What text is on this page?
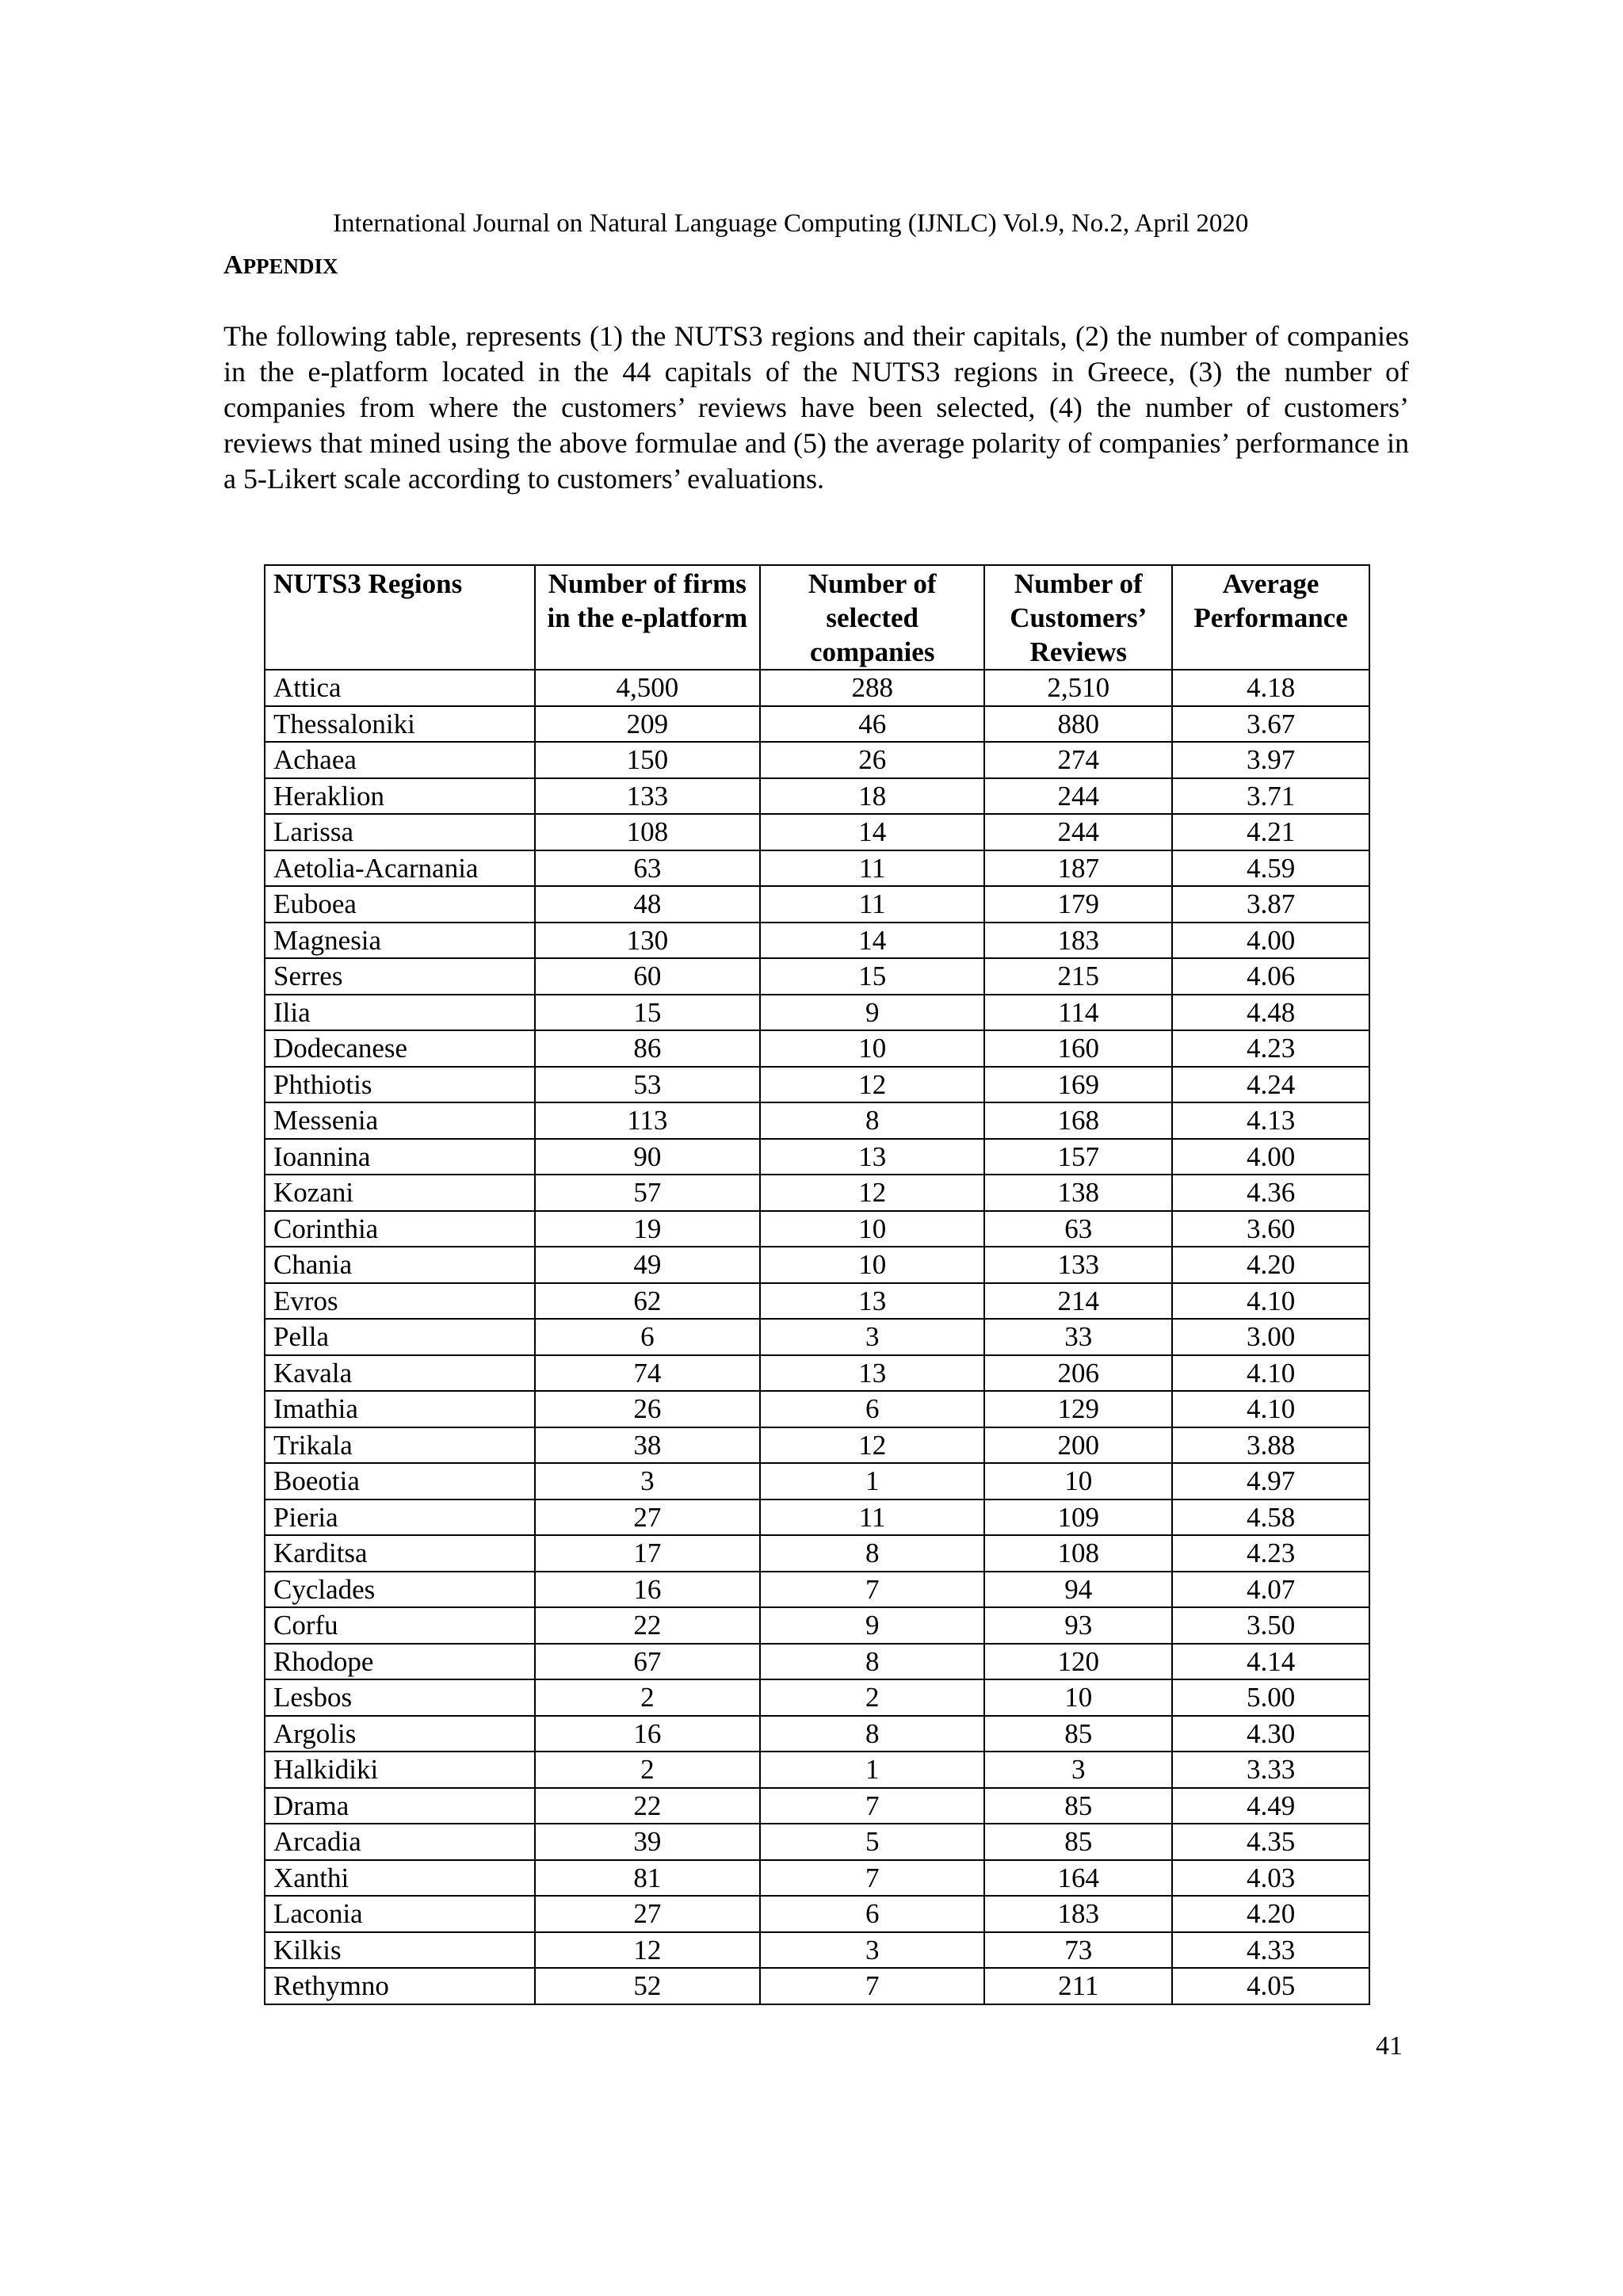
International Journal on Natural Language Computing (IJNLC) Vol.9, No.2, April 2020
APPENDIX

The following table, represents (1) the NUTS3 regions and their capitals, (2) the number of companies in the e-platform located in the 44 capitals of the NUTS3 regions in Greece, (3) the number of companies from where the customers’ reviews have been selected, (4) the number of customers’ reviews that mined using the above formulae and (5) the average polarity of companies’ performance in a 5-Likert scale according to customers’ evaluations.

NUTS3 Regions	Number of firms in the e-platform	Number of selected companies	Number of Customers’ Reviews	Average Performance
Attica	4,500	288	2,510	4.18
Thessaloniki	209	46	880	3.67
Achaea	150	26	274	3.97
Heraklion	133	18	244	3.71
Larissa	108	14	244	4.21
Aetolia-Acarnania	63	11	187	4.59
Euboea	48	11	179	3.87
Magnesia	130	14	183	4.00
Serres	60	15	215	4.06
Ilia	15	9	114	4.48
Dodecanese	86	10	160	4.23
Phthiotis	53	12	169	4.24
Messenia	113	8	168	4.13
Ioannina	90	13	157	4.00
Kozani	57	12	138	4.36
Corinthia	19	10	63	3.60
Chania	49	10	133	4.20
Evros	62	13	214	4.10
Pella	6	3	33	3.00
Kavala	74	13	206	4.10
Imathia	26	6	129	4.10
Trikala	38	12	200	3.88
Boeotia	3	1	10	4.97
Pieria	27	11	109	4.58
Karditsa	17	8	108	4.23
Cyclades	16	7	94	4.07
Corfu	22	9	93	3.50
Rhodope	67	8	120	4.14
Lesbos	2	2	10	5.00
Argolis	16	8	85	4.30
Halkidiki	2	1	3	3.33
Drama	22	7	85	4.49
Arcadia	39	5	85	4.35
Xanthi	81	7	164	4.03
Laconia	27	6	183	4.20
Kilkis	12	3	73	4.33
Rethymno	52	7	211	4.05
41
